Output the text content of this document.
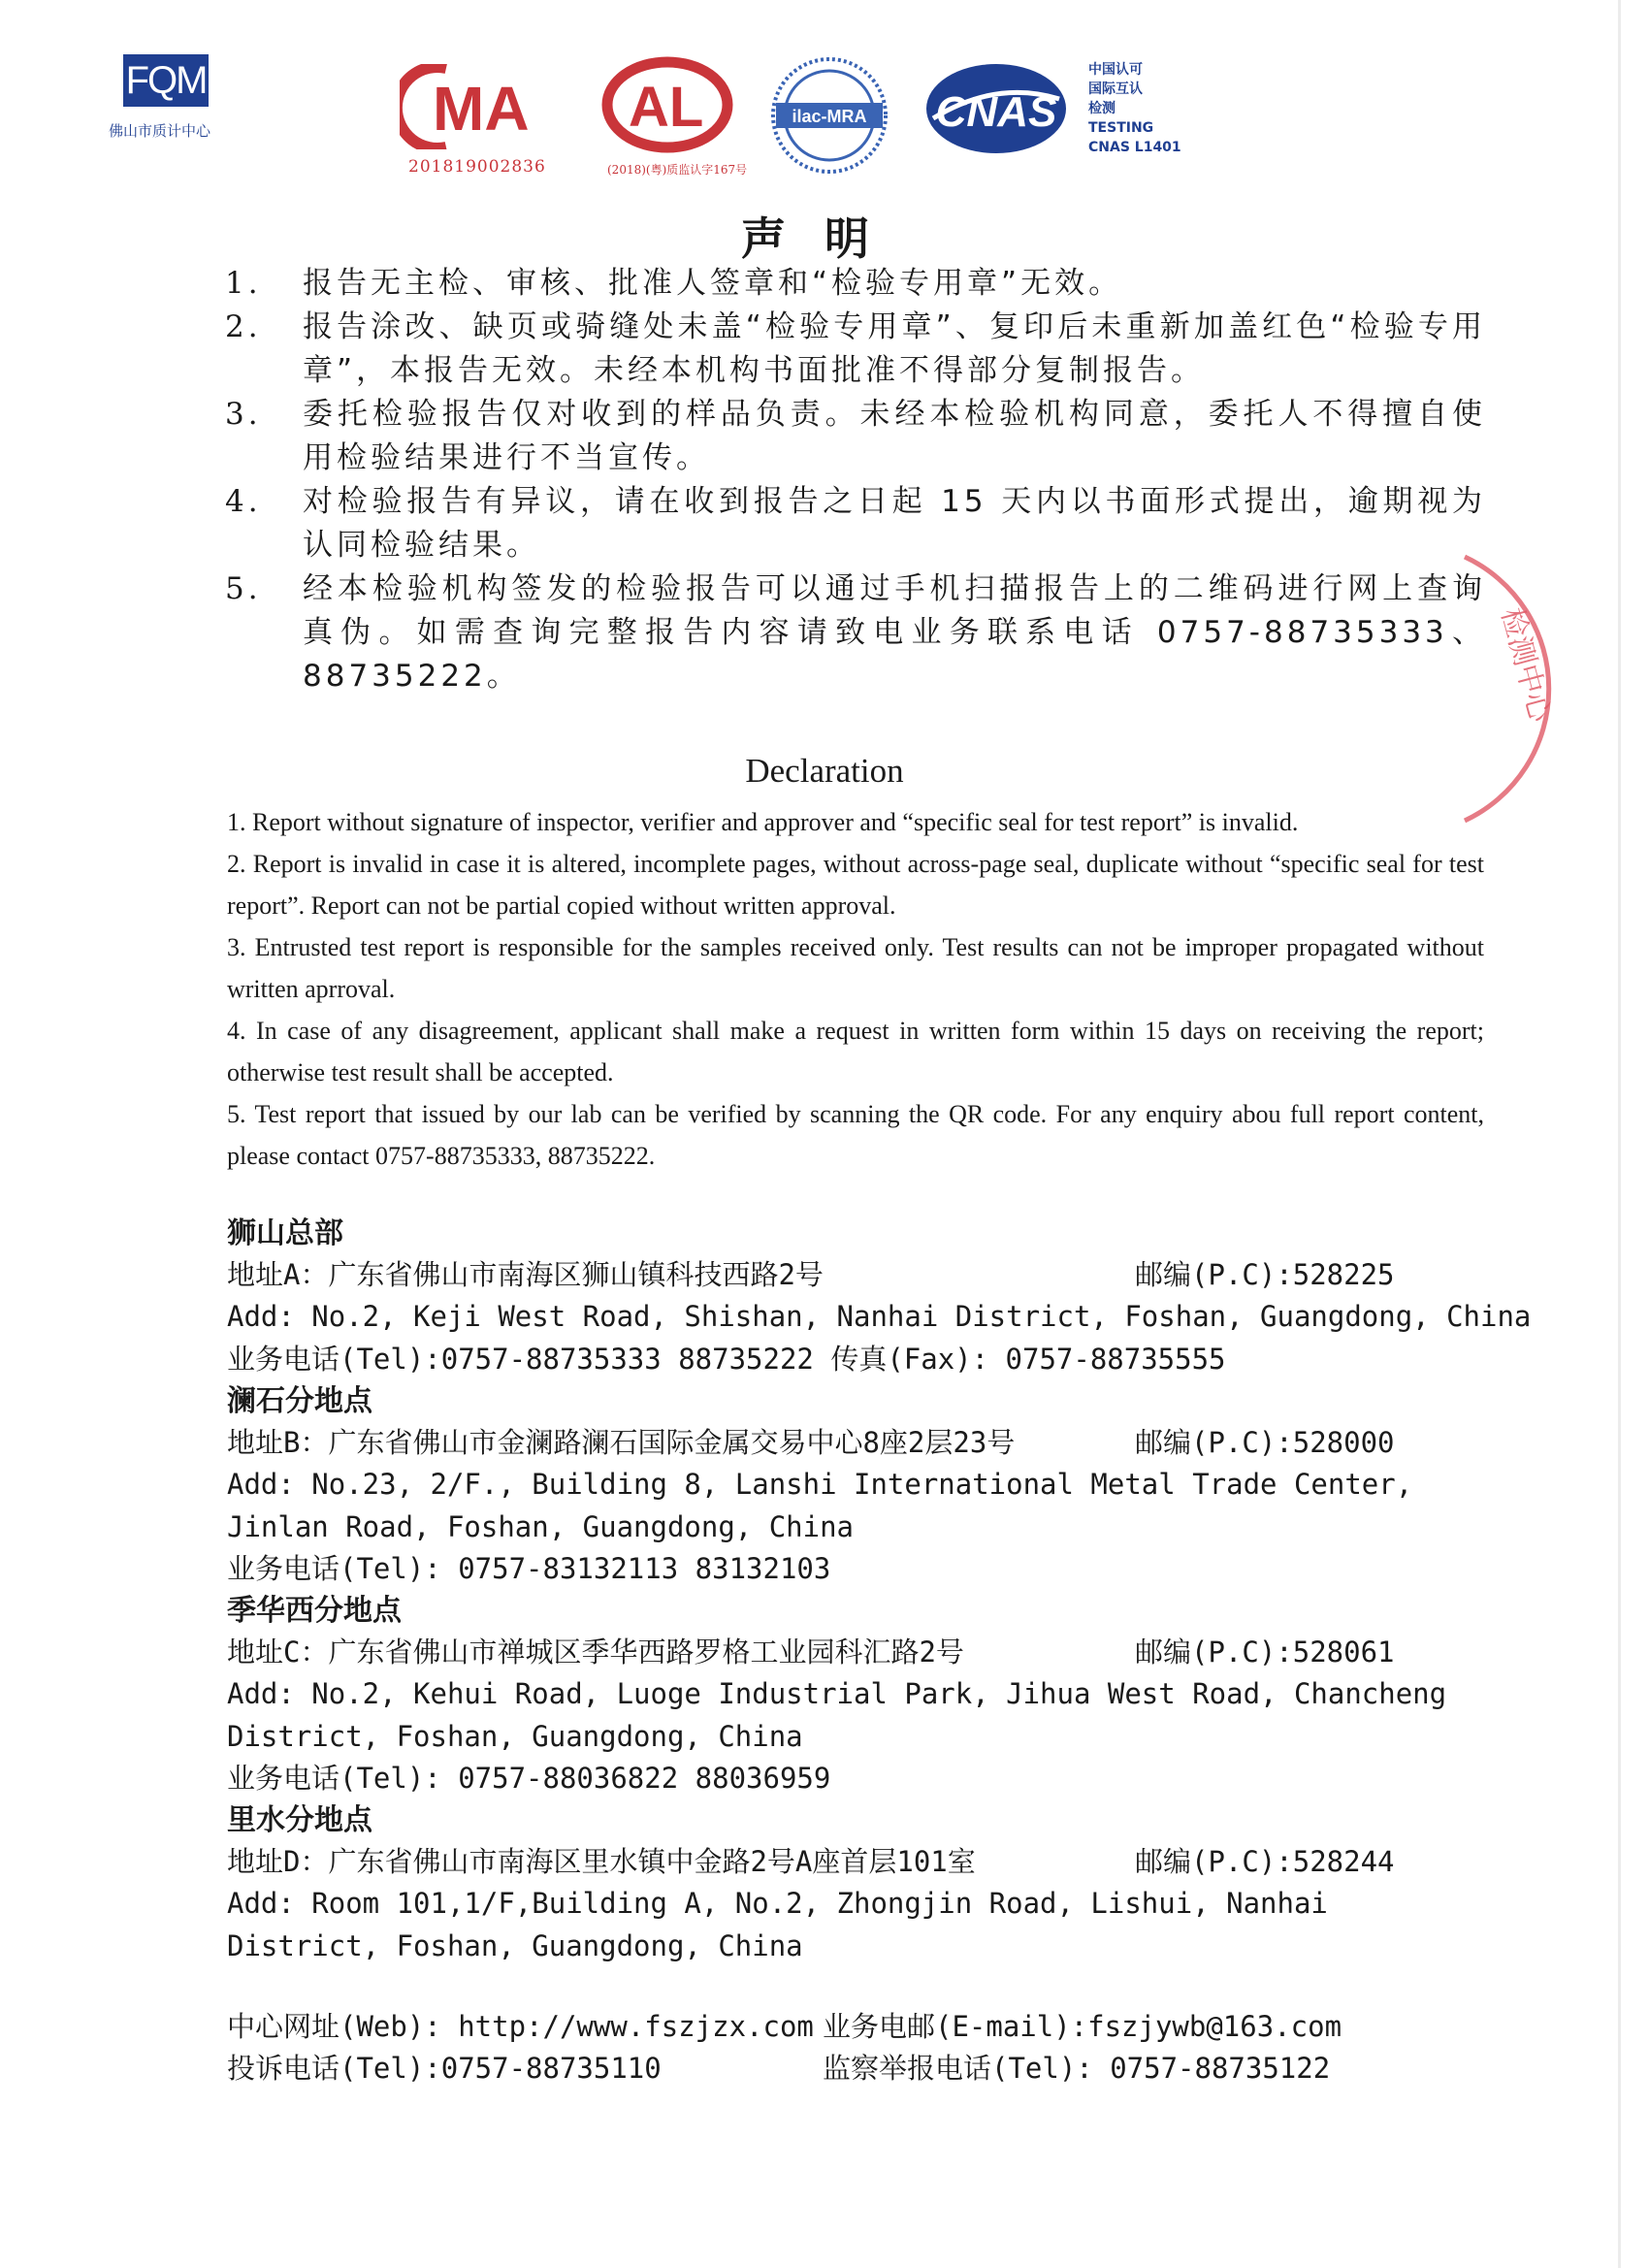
FQM
佛山市质计中心	MA
201819002836
AL
(2018)(粤)质监认字167号
ilac-MRA CNAS
中国认可
国际互认
检测
TESTING
CNAS L1401
声明
1.	报告无主检、审核、批准人签章和“检验专用章”无效。
2.	报告涂改、缺页或骑缝处未盖“检验专用章”、复印后未重新加盖红色“检验专用章”，本报告无效。未经本机构书面批准不得部分复制报告。
3.	委托检验报告仅对收到的样品负责。未经本检验机构同意，委托人不得擅自使用检验结果进行不当宣传。
4.	对检验报告有异议，请在收到报告之日起 15 天内以书面形式提出，逾期视为认同检验结果。
5.	经本检验机构签发的检验报告可以通过手机扫描报告上的二维码进行网上查询真伪。如需查询完整报告内容请致电业务联系电话 0757-88735333、88735222。	检测中心
Declaration

1. Report without signature of inspector, verifier and approver and “specific seal for test report” is invalid.

2. Report is invalid in case it is altered, incomplete pages, without across-page seal, duplicate without “specific seal for test report”. Report can not be partial copied without written approval.

3. Entrusted test report is responsible for the samples received only. Test results can not be improper propagated without written aprroval.

4. In case of any disagreement, applicant shall make a request in written form within 15 days on receiving the report; otherwise test result shall be accepted.

5. Test report that issued by our lab can be verified by scanning the QR code. For any enquiry abou full report content, please contact 0757-88735333, 88735222.

狮山总部
地址A：广东省佛山市南海区狮山镇科技西路2号	邮编(P.C):528225
Add: No.2, Keji West Road, Shishan, Nanhai District, Foshan, Guangdong, China
业务电话(Tel):0757-88735333 88735222 传真(Fax): 0757-88735555
澜石分地点
地址B：广东省佛山市金澜路澜石国际金属交易中心8座2层23号	邮编(P.C):528000
Add: No.23, 2/F., Building 8, Lanshi International Metal Trade Center, Jinlan Road, Foshan, Guangdong, China
业务电话(Tel): 0757-83132113 83132103
季华西分地点
地址C：广东省佛山市禅城区季华西路罗格工业园科汇路2号	邮编(P.C):528061
Add: No.2, Kehui Road, Luoge Industrial Park, Jihua West Road, Chancheng District, Foshan, Guangdong, China
业务电话(Tel): 0757-88036822 88036959
里水分地点
地址D：广东省佛山市南海区里水镇中金路2号A座首层101室	邮编(P.C):528244
Add: Room 101,1/F,Building A, No.2, Zhongjin Road, Lishui, Nanhai District, Foshan, Guangdong, China
中心网址(Web): http://www.fszjzx.com 业务电邮(E-mail):fszjywb@163.com
投诉电话(Tel):0757-88735110	监察举报电话(Tel): 0757-88735122
